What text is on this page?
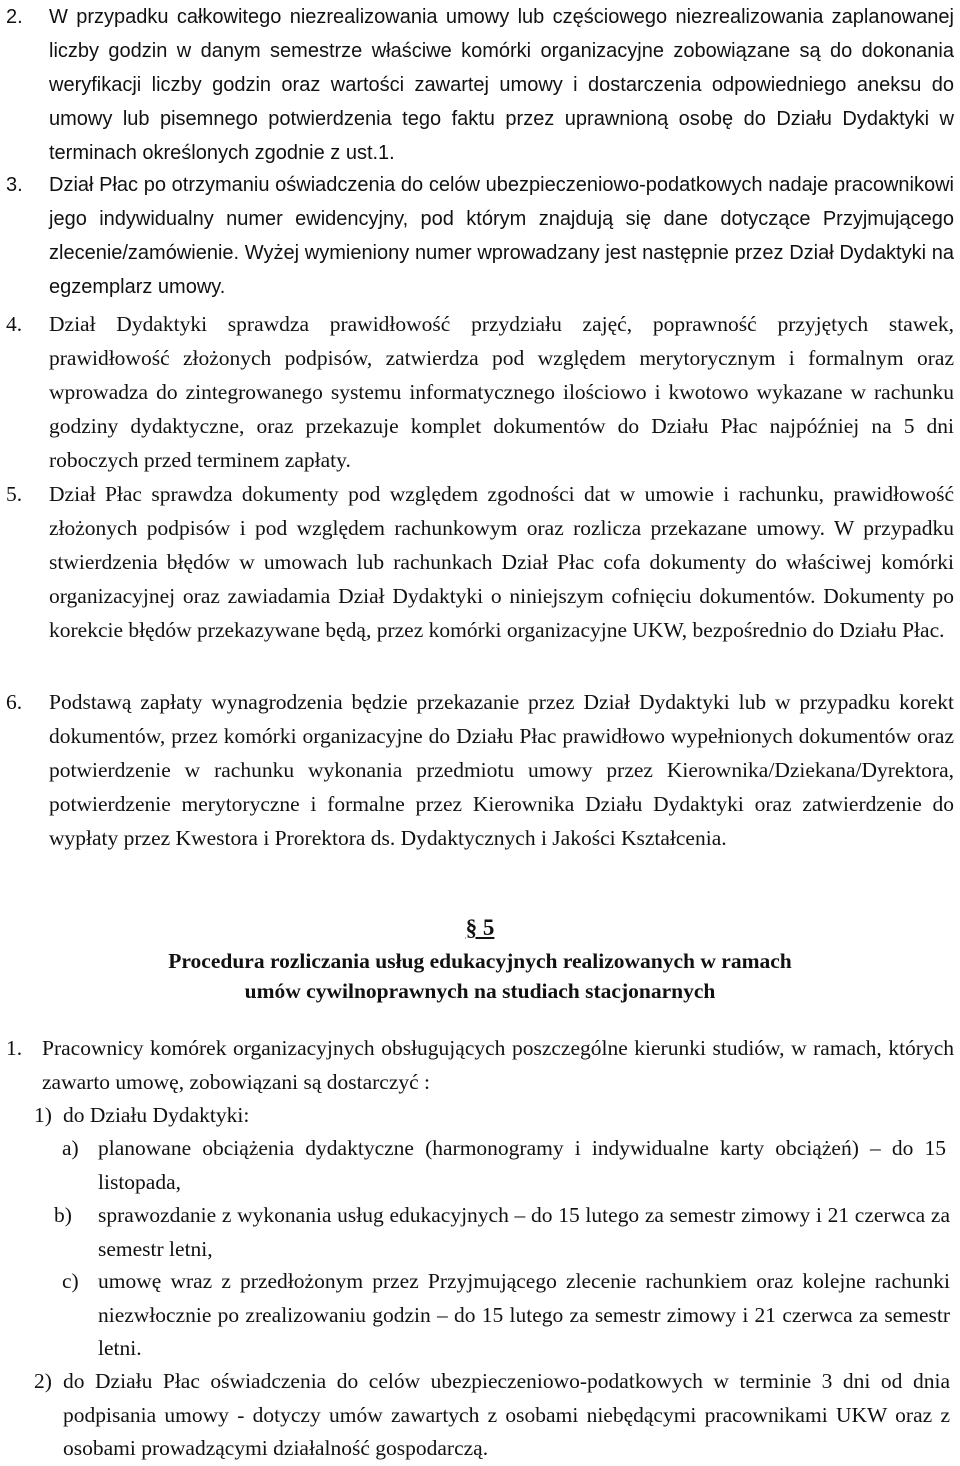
2.	W przypadku całkowitego niezrealizowania umowy lub częściowego niezrealizowania zaplanowanej liczby godzin w danym semestrze właściwe komórki organizacyjne zobowiązane są do dokonania weryfikacji liczby godzin oraz wartości zawartej umowy i dostarczenia odpowiedniego aneksu do umowy lub pisemnego potwierdzenia tego faktu przez uprawnioną osobę do Działu Dydaktyki w terminach określonych zgodnie z ust.1.
3.	Dział Płac po otrzymaniu oświadczenia do celów ubezpieczeniowo-podatkowych nadaje pracownikowi jego indywidualny numer ewidencyjny, pod którym znajdują się dane dotyczące Przyjmującego zlecenie/zamówienie. Wyżej wymieniony numer wprowadzany jest następnie przez Dział Dydaktyki na egzemplarz umowy.
4.	Dział Dydaktyki sprawdza prawidłowość przydziału zajęć, poprawność przyjętych stawek, prawidłowość złożonych podpisów, zatwierdza pod względem merytorycznym i formalnym oraz wprowadza do zintegrowanego systemu informatycznego ilościowo i kwotowo wykazane w rachunku godziny dydaktyczne, oraz przekazuje komplet dokumentów do Działu Płac najpóźniej na 5 dni roboczych przed terminem zapłaty.
5.	Dział Płac sprawdza dokumenty pod względem zgodności dat w umowie i rachunku, prawidłowość złożonych podpisów i pod względem rachunkowym oraz rozlicza przekazane umowy. W przypadku stwierdzenia błędów w umowach lub rachunkach Dział Płac cofa dokumenty do właściwej komórki organizacyjnej oraz zawiadamia Dział Dydaktyki o niniejszym cofnięciu dokumentów. Dokumenty po korekcie błędów przekazywane będą, przez komórki organizacyjne UKW, bezpośrednio do Działu Płac.
6.	Podstawą zapłaty wynagrodzenia będzie przekazanie przez Dział Dydaktyki lub w przypadku korekt dokumentów, przez komórki organizacyjne do Działu Płac prawidłowo wypełnionych dokumentów oraz potwierdzenie w rachunku wykonania przedmiotu umowy przez Kierownika/Dziekana/Dyrektora, potwierdzenie merytoryczne i formalne przez Kierownika Działu Dydaktyki oraz zatwierdzenie do wypłaty przez Kwestora i Prorektora ds. Dydaktycznych i Jakości Kształcenia.
§ 5
Procedura rozliczania usług edukacyjnych realizowanych w ramach
umów cywilnoprawnych na studiach stacjonarnych
1. Pracownicy komórek organizacyjnych obsługujących poszczególne kierunki studiów, w ramach, których zawarto umowę, zobowiązani są dostarczyć :
1) do Działu Dydaktyki:
a) planowane obciążenia dydaktyczne (harmonogramy i indywidualne karty obciążeń) – do 15 listopada,
b) sprawozdanie z wykonania usług edukacyjnych – do 15 lutego za semestr zimowy i 21 czerwca za semestr letni,
c) umowę wraz z przedłożonym przez Przyjmującego zlecenie rachunkiem oraz kolejne rachunki niezwłocznie po zrealizowaniu godzin – do 15 lutego za semestr zimowy i 21 czerwca za semestr letni.
2) do Działu Płac oświadczenia do celów ubezpieczeniowo-podatkowych w terminie 3 dni od dnia podpisania umowy - dotyczy umów zawartych z osobami niebędącymi pracownikami UKW oraz z osobami prowadzącymi działalność gospodarczą.
